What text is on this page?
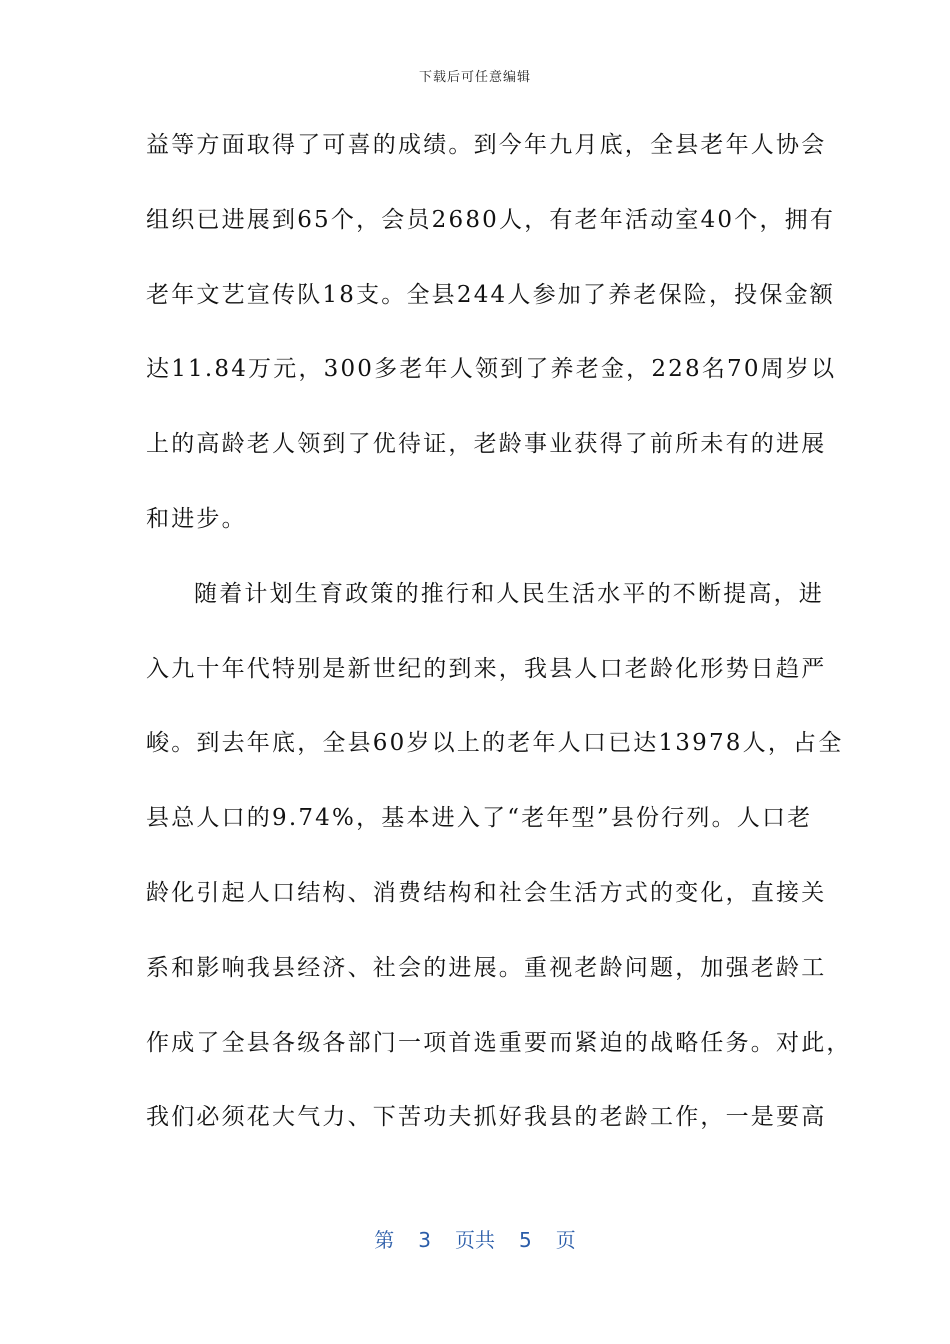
下载后可任意编辑
益等方面取得了可喜的成绩。到今年九月底，全县老年人协会
组织已进展到65个，会员2680人，有老年活动室40个，拥有
老年文艺宣传队18支。全县244人参加了养老保险，投保金额
达11.84万元，300多老年人领到了养老金，228名70周岁以
上的高龄老人领到了优待证，老龄事业获得了前所未有的进展
和进步。
随着计划生育政策的推行和人民生活水平的不断提高，进
入九十年代特别是新世纪的到来，我县人口老龄化形势日趋严
峻。到去年底，全县60岁以上的老年人口已达13978人，占全
县总人口的9.74%，基本进入了“老年型”县份行列。人口老
龄化引起人口结构、消费结构和社会生活方式的变化，直接关
系和影响我县经济、社会的进展。重视老龄问题，加强老龄工
作成了全县各级各部门一项首选重要而紧迫的战略任务。对此，
我们必须花大气力、下苦功夫抓好我县的老龄工作，一是要高
第 3 页共 5 页
